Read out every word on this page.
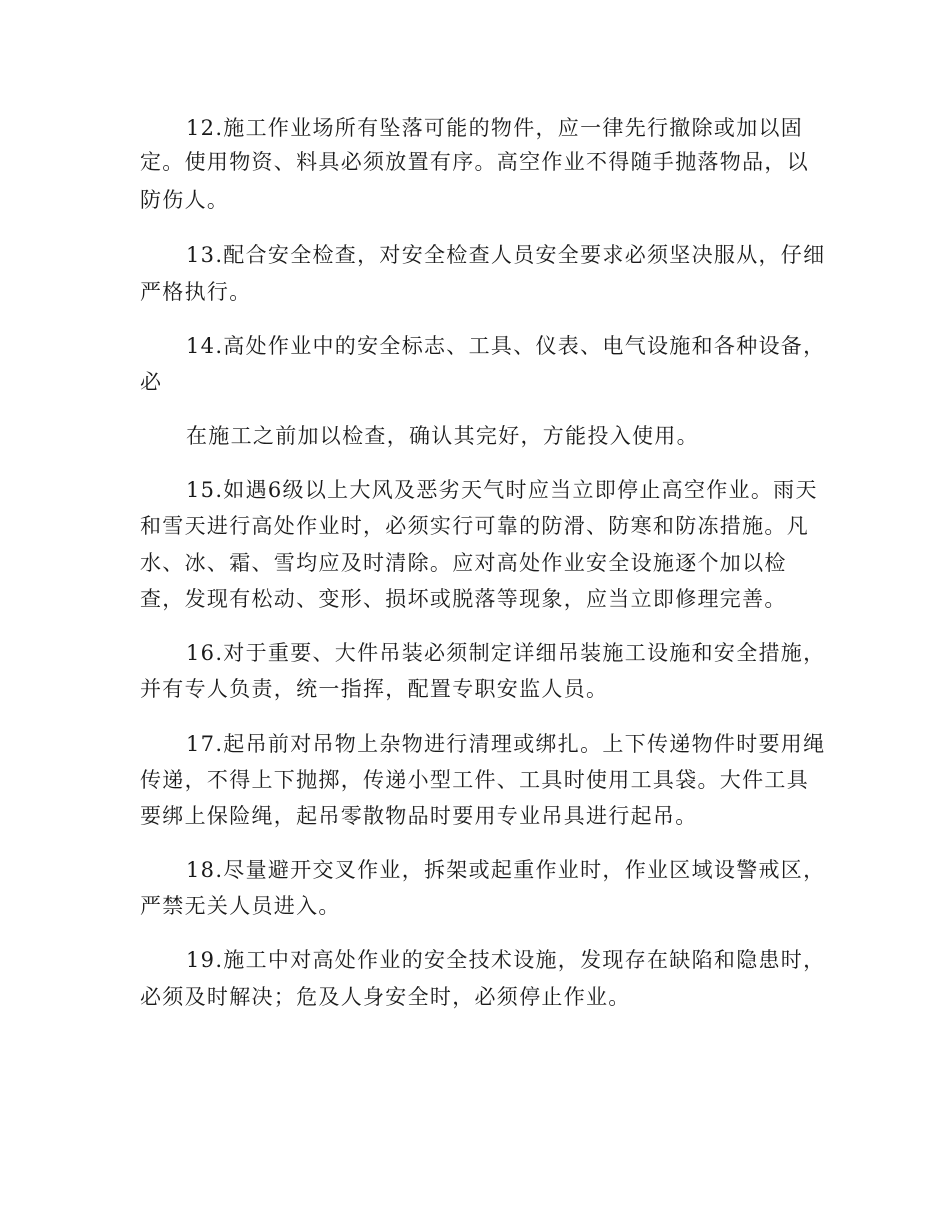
12.施工作业场所有坠落可能的物件，应一律先行撤除或加以固
定。使用物资、料具必须放置有序。高空作业不得随手抛落物品，以
防伤人。
13.配合安全检查，对安全检查人员安全要求必须坚决服从，仔细
严格执行。
14.高处作业中的安全标志、工具、仪表、电气设施和各种设备，
必
在施工之前加以检查，确认其完好，方能投入使用。
15.如遇6级以上大风及恶劣天气时应当立即停止高空作业。雨天
和雪天进行高处作业时，必须实行可靠的防滑、防寒和防冻措施。凡
水、冰、霜、雪均应及时清除。应对高处作业安全设施逐个加以检
查，发现有松动、变形、损坏或脱落等现象，应当立即修理完善。
16.对于重要、大件吊装必须制定详细吊装施工设施和安全措施，
并有专人负责，统一指挥，配置专职安监人员。
17.起吊前对吊物上杂物进行清理或绑扎。上下传递物件时要用绳
传递，不得上下抛掷，传递小型工件、工具时使用工具袋。大件工具
要绑上保险绳，起吊零散物品时要用专业吊具进行起吊。
18.尽量避开交叉作业，拆架或起重作业时，作业区域设警戒区，
严禁无关人员进入。
19.施工中对高处作业的安全技术设施，发现存在缺陷和隐患时，
必须及时解决；危及人身安全时，必须停止作业。
